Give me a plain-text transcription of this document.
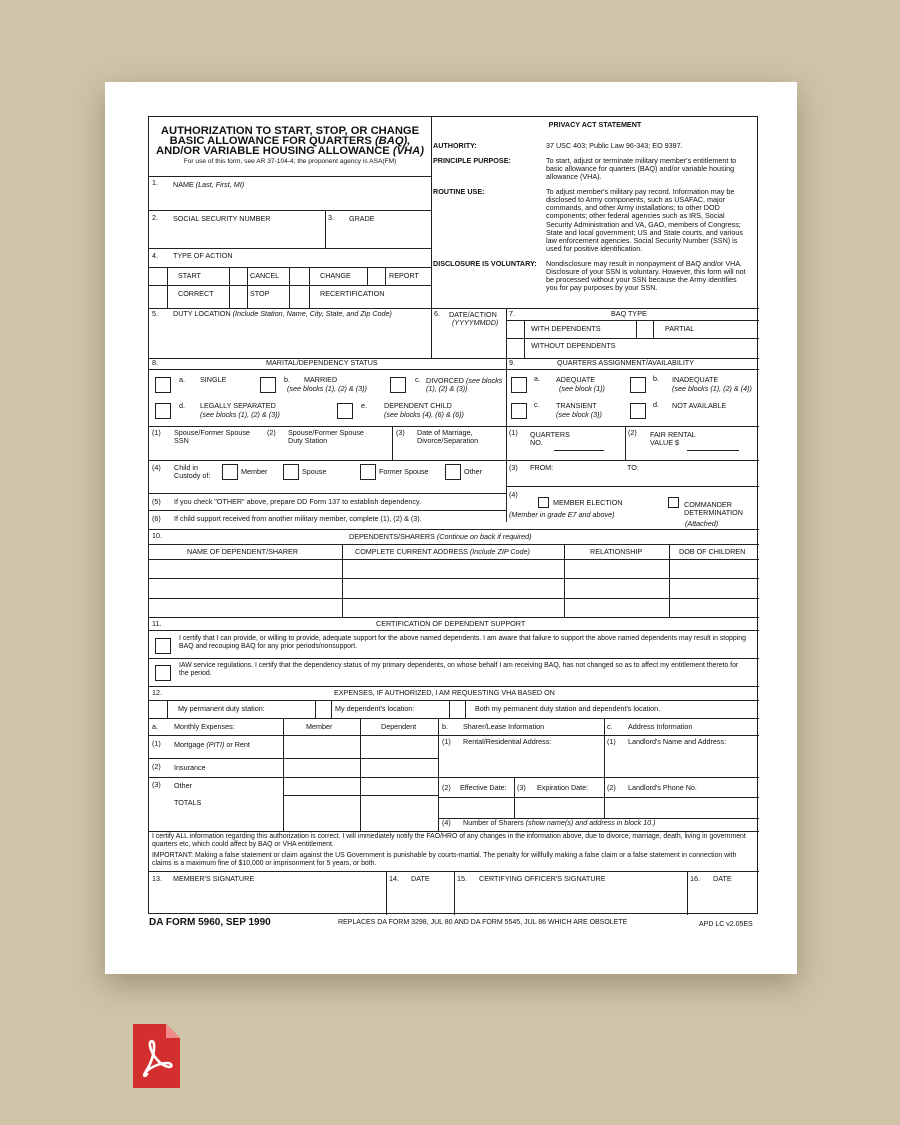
AUTHORIZATION TO START, STOP, OR CHANGE
BASIC ALLOWANCE FOR QUARTERS (BAQ),
AND/OR VARIABLE HOUSING ALLOWANCE (VHA)
For use of this form, see AR 37-104-4; the proponent agency is ASA(FM)
PRIVACY ACT STATEMENT
AUTHORITY:	37 USC 403; Public Law 96-343; EO 9397.
PRINCIPLE PURPOSE:	To start, adjust or terminate military member's entitlement to basic allowance for quarters (BAQ) and/or variable housing allowance (VHA).
ROUTINE USE:	To adjust member's military pay record. Information may be disclosed to Army components, such as USAFAC, major commands, and other Army installations; to other DOD components; other federal agencies such as IRS, Social Security Administration and VA, GAO, members of Congress; State and local government; US and State courts, and various law enforcement agencies. Social Security Number (SSN) is used for positive identification.
DISCLOSURE IS VOLUNTARY: Nondisclosure may result in nonpayment of BAQ and/or VHA. Disclosure of your SSN is voluntary. However, this form will not be processed without your SSN because the Army identifies you for pay purposes by your SSN.
1. NAME (Last, First, MI)
2. SOCIAL SECURITY NUMBER	3. GRADE
4. TYPE OF ACTION
START	CANCEL	CHANGE	REPORT
CORRECT	STOP	RECERTIFICATION
5. DUTY LOCATION (Include Station, Name, City, State, and Zip Code)	6. DATE/ACTION
(YYYYMMDD)
7.	BAQ TYPE
WITH DEPENDENTS	PARTIAL
WITHOUT DEPENDENTS
8.	MARITAL/DEPENDENCY STATUS	9.	QUARTERS ASSIGNMENT/AVAILABILITY
a. SINGLE	b. MARRIED
(see blocks (1), (2) & (3))
c. DIVORCED (see blocks (1), (2) & (3))
d. LEGALLY SEPARATED
(see blocks (1), (2) & (3))
e. DEPENDENT CHILD
(see blocks (4), (6) & (6))
(1) Spouse/Former Spouse SSN
(2) Spouse/Former Spouse Duty Station
(3) Date of Marriage, Divorce/Separation
(4) Child in Custody of:	Member	Spouse	Former Spouse	Other
(5) If you check "OTHER" above, prepare DD Form 137 to establish dependency.
(6) If child support received from another military member, complete (1), (2) & (3).
a. ADEQUATE
(see block (1))
b. INADEQUATE
(see blocks (1), (2) & (4))
c. TRANSIENT
(see block (3))
d. NOT AVAILABLE
(1) QUARTERS NO.
(2) FAIR RENTAL VALUE $
(3) FROM:	TO:
(4)
MEMBER ELECTION
(Member in grade E7 and above)
COMMANDER DETERMINATION
(Attached)
10.	DEPENDENTS/SHARERS (Continue on back if required)
NAME OF DEPENDENT/SHARER	COMPLETE CURRENT ADDRESS (Include ZIP Code)	RELATIONSHIP	DOB OF CHILDREN
11.	CERTIFICATION OF DEPENDENT SUPPORT
I certify that I can provide, or willing to provide, adequate support for the above named dependents. I am aware that failure to support the above named dependents may result in stopping BAQ and recouping BAQ for any prior periods/nonsupport.
IAW service regulations. I certify that the dependency status of my primary dependents, on whose behalf I am receiving BAQ, has not changed so as to affect my entitlement thereto for the period.
12.	EXPENSES, IF AUTHORIZED, I AM REQUESTING VHA BASED ON
My permanent duty station:	My dependent's location:	Both my permanent duty station and dependent's location.
a. Monthly Expenses:	Member	Dependent	b. Sharer/Lease Information	c. Address Information
(1) Mortgage (PITI) or Rent	(1) Rental/Residential Address:	(1) Landlord's Name and Address:
(2) Insurance
(3) Other
TOTALS
(2) Effective Date: (3) Expiration Date:	(2) Landlord's Phone No.
(4) Number of Sharers (show name(s) and address in block 10.)
I certify ALL information regarding this authorization is correct. I will immediately notify the FAO/HRO of any changes in the information above, due to divorce, marriage, death, living in government quarters etc, which could affect by BAQ or VHA entitlement.
IMPORTANT: Making a false statement or claim against the US Government is punishable by courts-martial. The penalty for willfully making a false claim or a false statement in connection with claims is a maximum fine of $10,000 or imprisonment for 5 years, or both.
13. MEMBER'S SIGNATURE	14. DATE	15. CERTIFYING OFFICER'S SIGNATURE	16. DATE
DA FORM 5960, SEP 1990	REPLACES DA FORM 3298, JUL 80 AND DA FORM 5545, JUL 86 WHICH ARE OBSOLETE	APD LC v2.05ES
